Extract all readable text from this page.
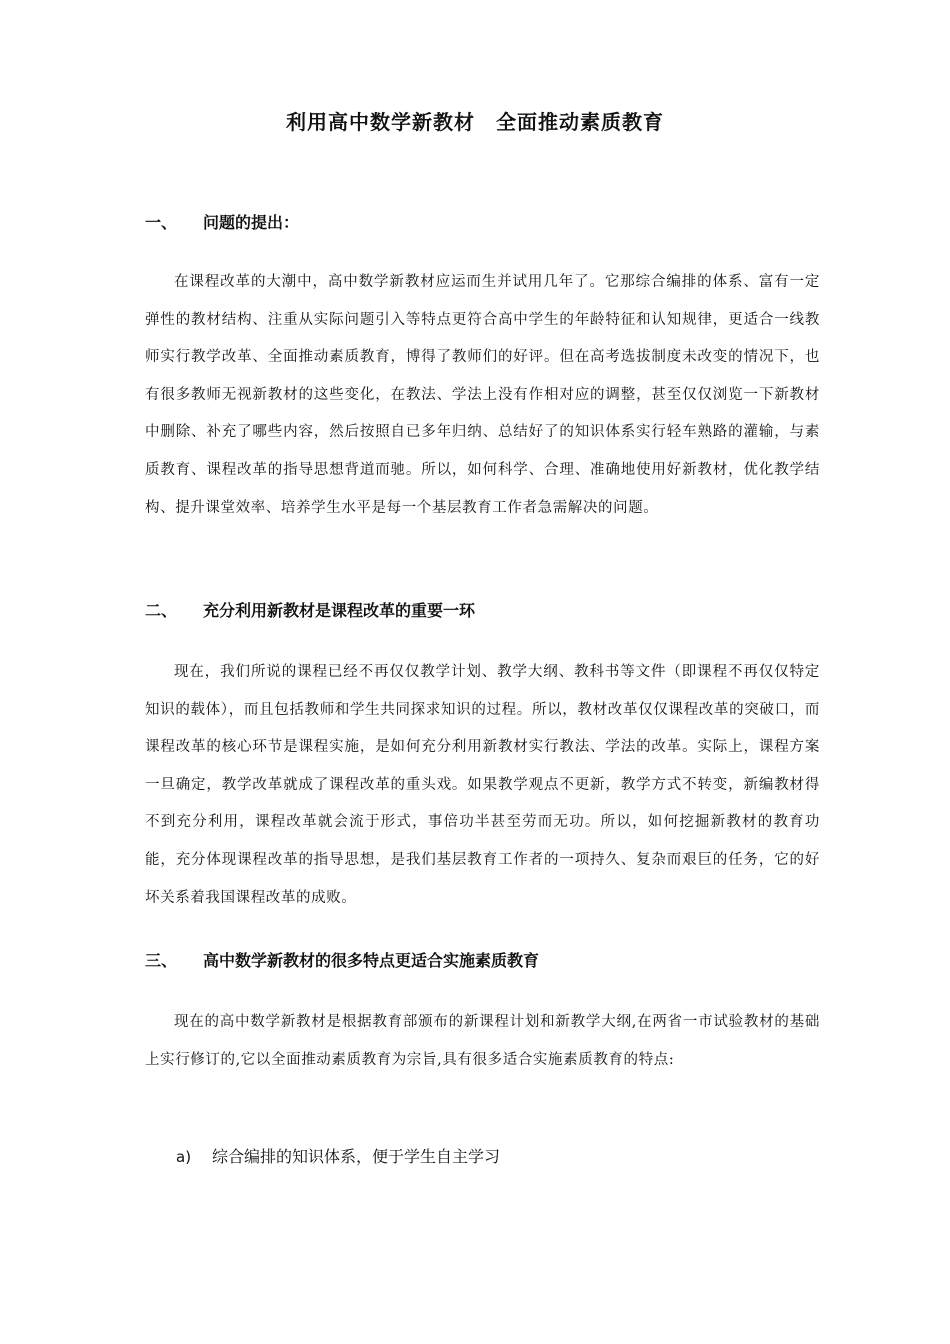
利用高中数学新教材　全面推动素质教育
一、 问题的提出：

在课程改革的大潮中，高中数学新教材应运而生并试用几年了。它那综合编排的体系、富有一定弹性的教材结构、注重从实际问题引入等特点更符合高中学生的年龄特征和认知规律，更适合一线教师实行教学改革、全面推动素质教育，博得了教师们的好评。但在高考选拔制度未改变的情况下，也有很多教师无视新教材的这些变化，在教法、学法上没有作相对应的调整，甚至仅仅浏览一下新教材中删除、补充了哪些内容，然后按照自已多年归纳、总结好了的知识体系实行轻车熟路的灌输，与素质教育、课程改革的指导思想背道而驰。所以，如何科学、合理、准确地使用好新教材，优化教学结构、提升课堂效率、培养学生水平是每一个基层教育工作者急需解决的问题。

二、 充分利用新教材是课程改革的重要一环

现在，我们所说的课程已经不再仅仅教学计划、教学大纲、教科书等文件（即课程不再仅仅特定知识的载体），而且包括教师和学生共同探求知识的过程。所以，教材改革仅仅课程改革的突破口，而课程改革的核心环节是课程实施，是如何充分利用新教材实行教法、学法的改革。实际上，课程方案一旦确定，教学改革就成了课程改革的重头戏。如果教学观点不更新，教学方式不转变，新编教材得不到充分利用，课程改革就会流于形式，事倍功半甚至劳而无功。所以，如何挖掘新教材的教育功能，充分体现课程改革的指导思想，是我们基层教育工作者的一项持久、复杂而艰巨的任务，它的好坏关系着我国课程改革的成败。

三、 高中数学新教材的很多特点更适合实施素质教育

现在的高中数学新教材是根据教育部颁布的新课程计划和新教学大纲,在两省一市试验教材的基础上实行修订的,它以全面推动素质教育为宗旨,具有很多适合实施素质教育的特点:

a) 综合编排的知识体系，便于学生自主学习
